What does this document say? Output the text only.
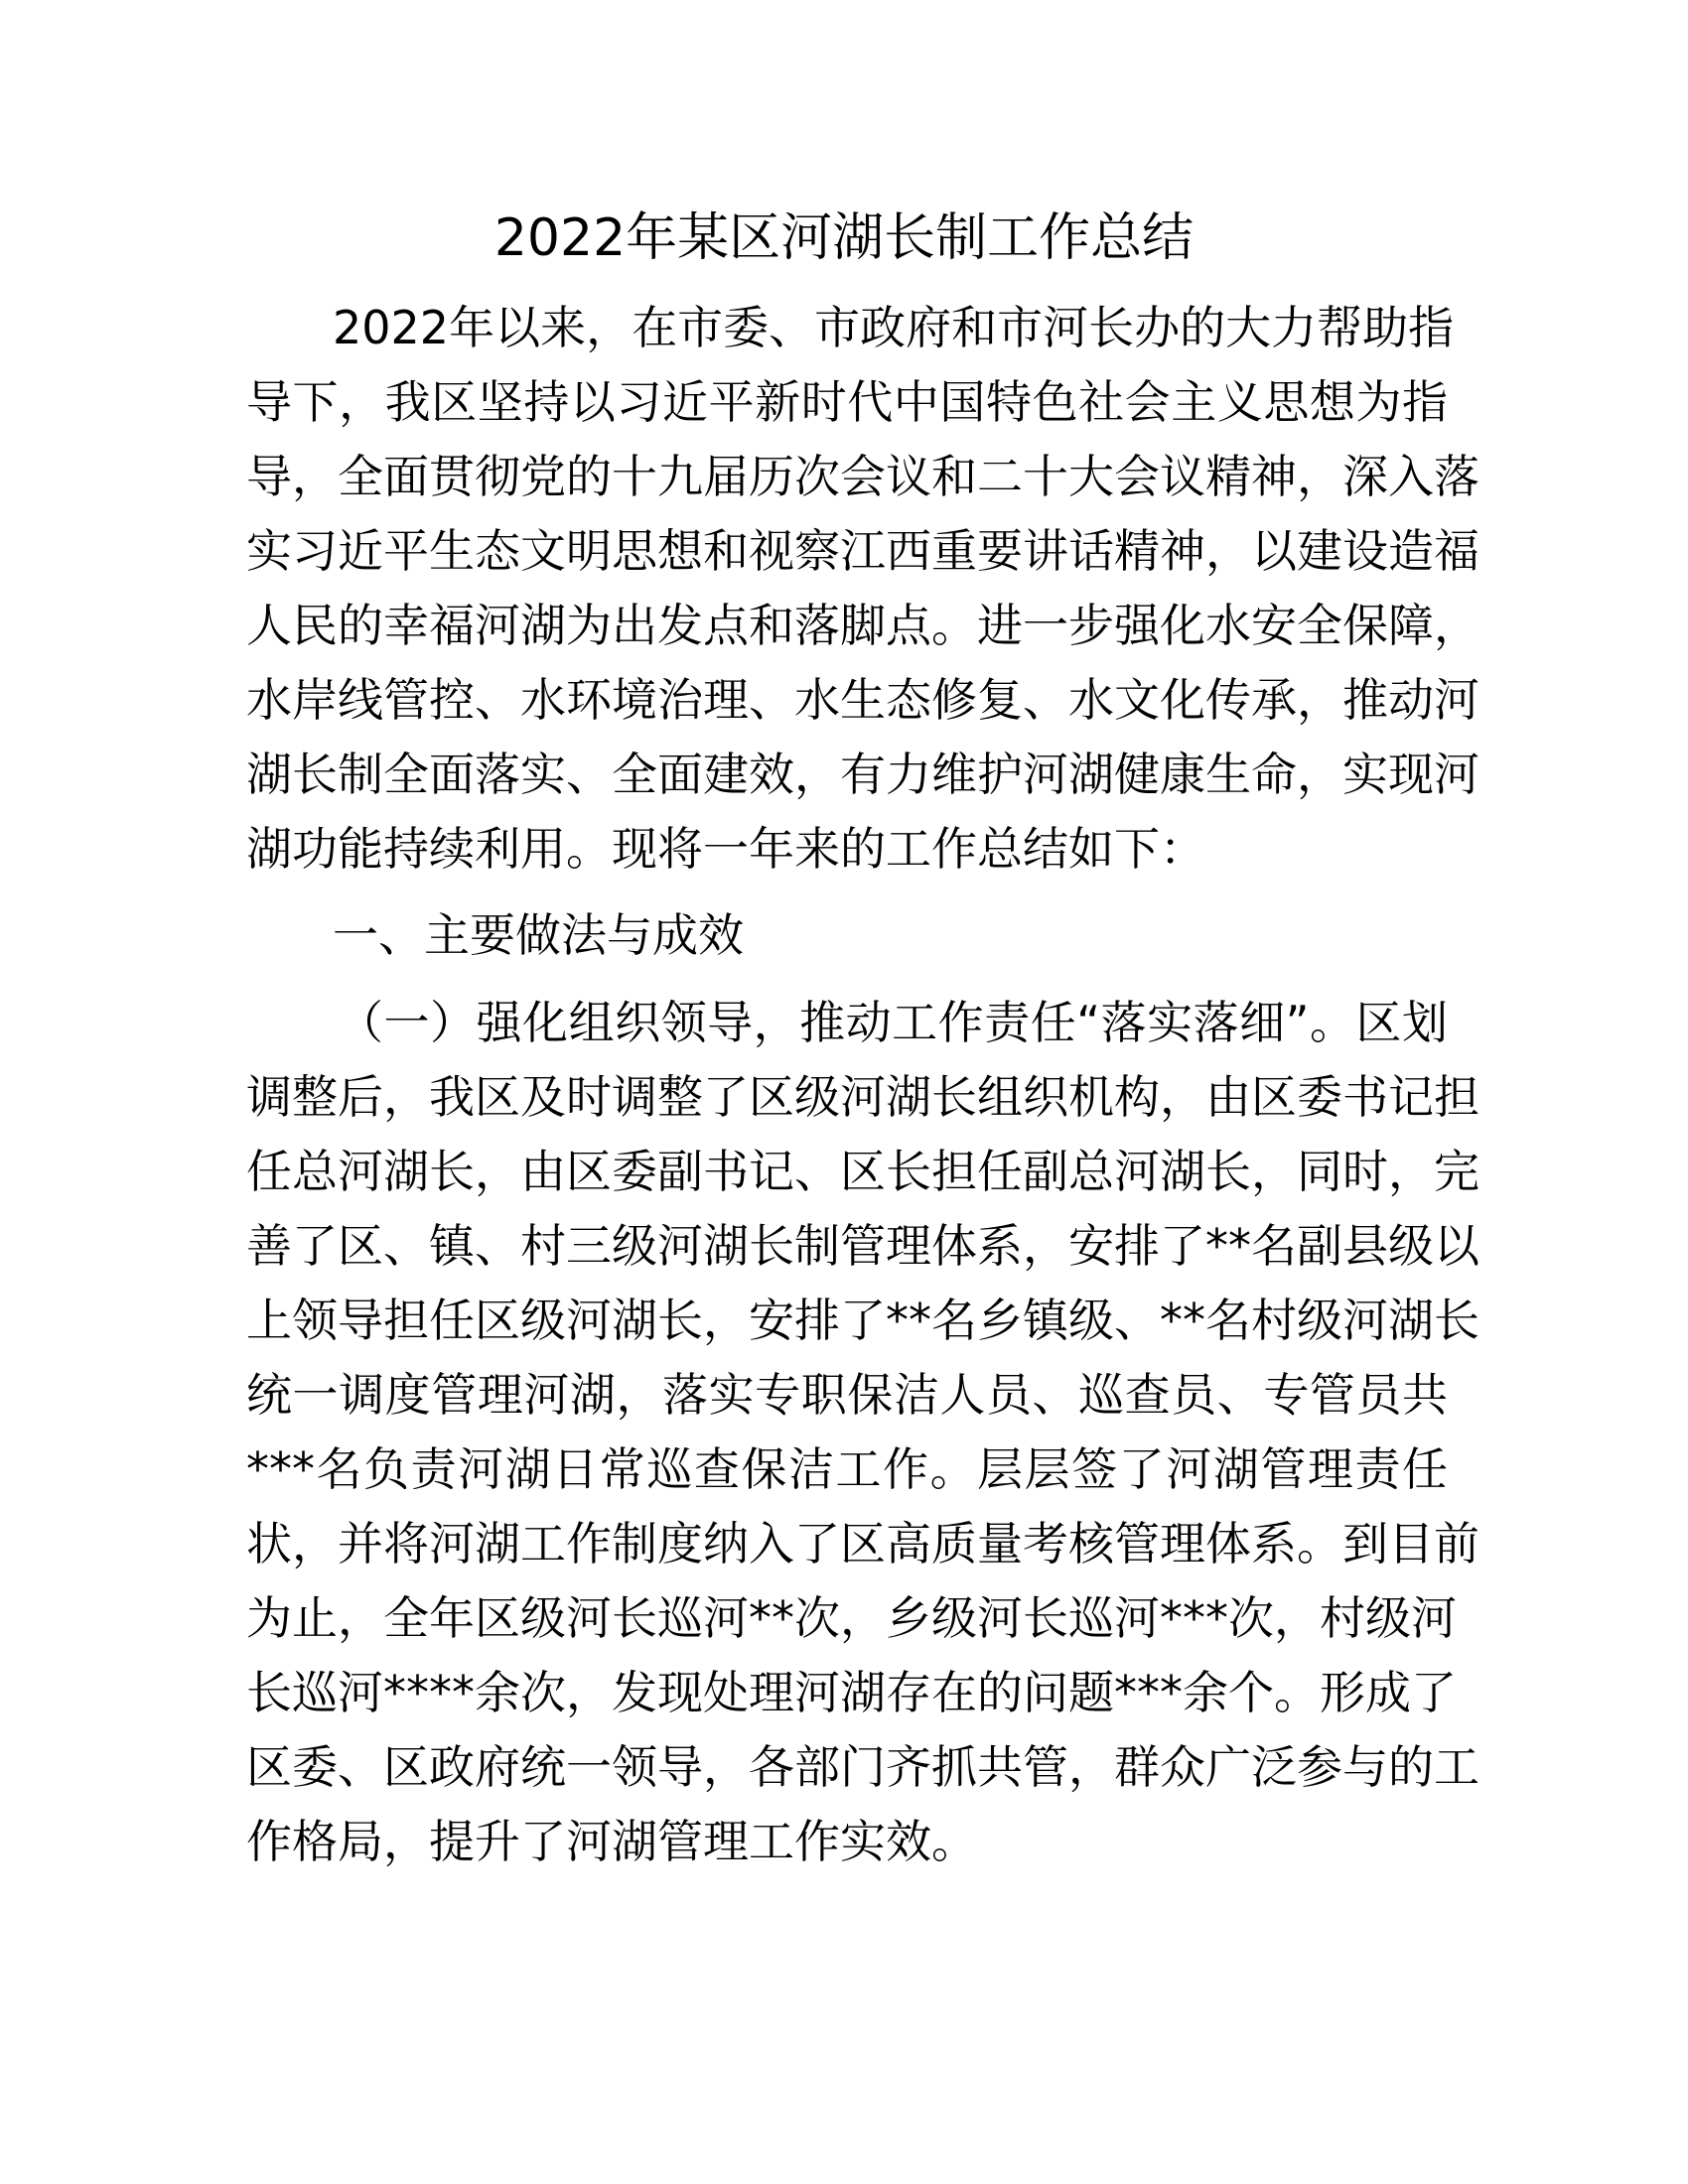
2022年某区河湖长制工作总结
2022年以来，在市委、市政府和市河长办的大力帮助指
导下，我区坚持以习近平新时代中国特色社会主义思想为指
导，全面贯彻党的十九届历次会议和二十大会议精神，深入落
实习近平生态文明思想和视察江西重要讲话精神，以建设造福
人民的幸福河湖为出发点和落脚点。进一步强化水安全保障，
水岸线管控、水环境治理、水生态修复、水文化传承，推动河
湖长制全面落实、全面建效，有力维护河湖健康生命，实现河
湖功能持续利用。现将一年来的工作总结如下：
一、主要做法与成效
（一）强化组织领导，推动工作责任“落实落细”。区划
调整后，我区及时调整了区级河湖长组织机构，由区委书记担
任总河湖长，由区委副书记、区长担任副总河湖长，同时，完
善了区、镇、村三级河湖长制管理体系，安排了**名副县级以
上领导担任区级河湖长，安排了**名乡镇级、**名村级河湖长
统一调度管理河湖，落实专职保洁人员、巡查员、专管员共
***名负责河湖日常巡查保洁工作。层层签了河湖管理责任
状，并将河湖工作制度纳入了区高质量考核管理体系。到目前
为止，全年区级河长巡河**次，乡级河长巡河***次，村级河
长巡河****余次，发现处理河湖存在的问题***余个。形成了
区委、区政府统一领导，各部门齐抓共管，群众广泛参与的工
作格局，提升了河湖管理工作实效。
